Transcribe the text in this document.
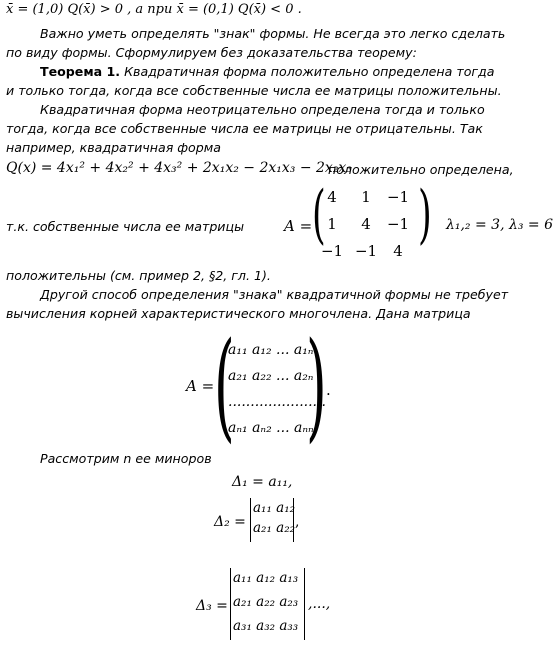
x̄ = (1,0) Q(x̄) > 0 , а при x̄ = (0,1) Q(x̄) < 0 .
Важно уметь определять "знак" формы. Не всегда это легко сделать
по виду формы. Сформулируем без доказательства теорему:
Теорема 1. Квадратичная форма положительно определена тогда
и только тогда, когда все собственные числа ее матрицы положительны.
Квадратичная форма неотрицательно определена тогда и только
тогда, когда все собственные числа ее матрицы не отрицательны. Так
например, квадратичная форма
Q(x) = 4x₁² + 4x₂² + 4x₃² + 2x₁x₂ − 2x₁x₃ − 2x₂x₃
положительно определена,
т.к. собственные числа ее матрицы	A = ( )
4	1	−1
1	4	−1
−1 −1	4
λ₁,₂ = 3, λ₃ = 6
положительны (см. пример 2, §2, гл. 1).
Другой способ определения "знака" квадратичной формы не требует
вычисления корней характеристического многочлена. Дана матрица
A = ( ) .
a₁₁ a₁₂ ... a₁ₙ
a₂₁ a₂₂ ... a₂ₙ
......................
aₙ₁ aₙ₂ ... aₙₙ
Рассмотрим n ее миноров
Δ₁ = a₁₁,
Δ₂ =	,
a₁₁ a₁₂
a₂₁ a₂₂
Δ₃ =	,...,
a₁₁ a₁₂ a₁₃
a₂₁ a₂₂ a₂₃
a₃₁ a₃₂ a₃₃
